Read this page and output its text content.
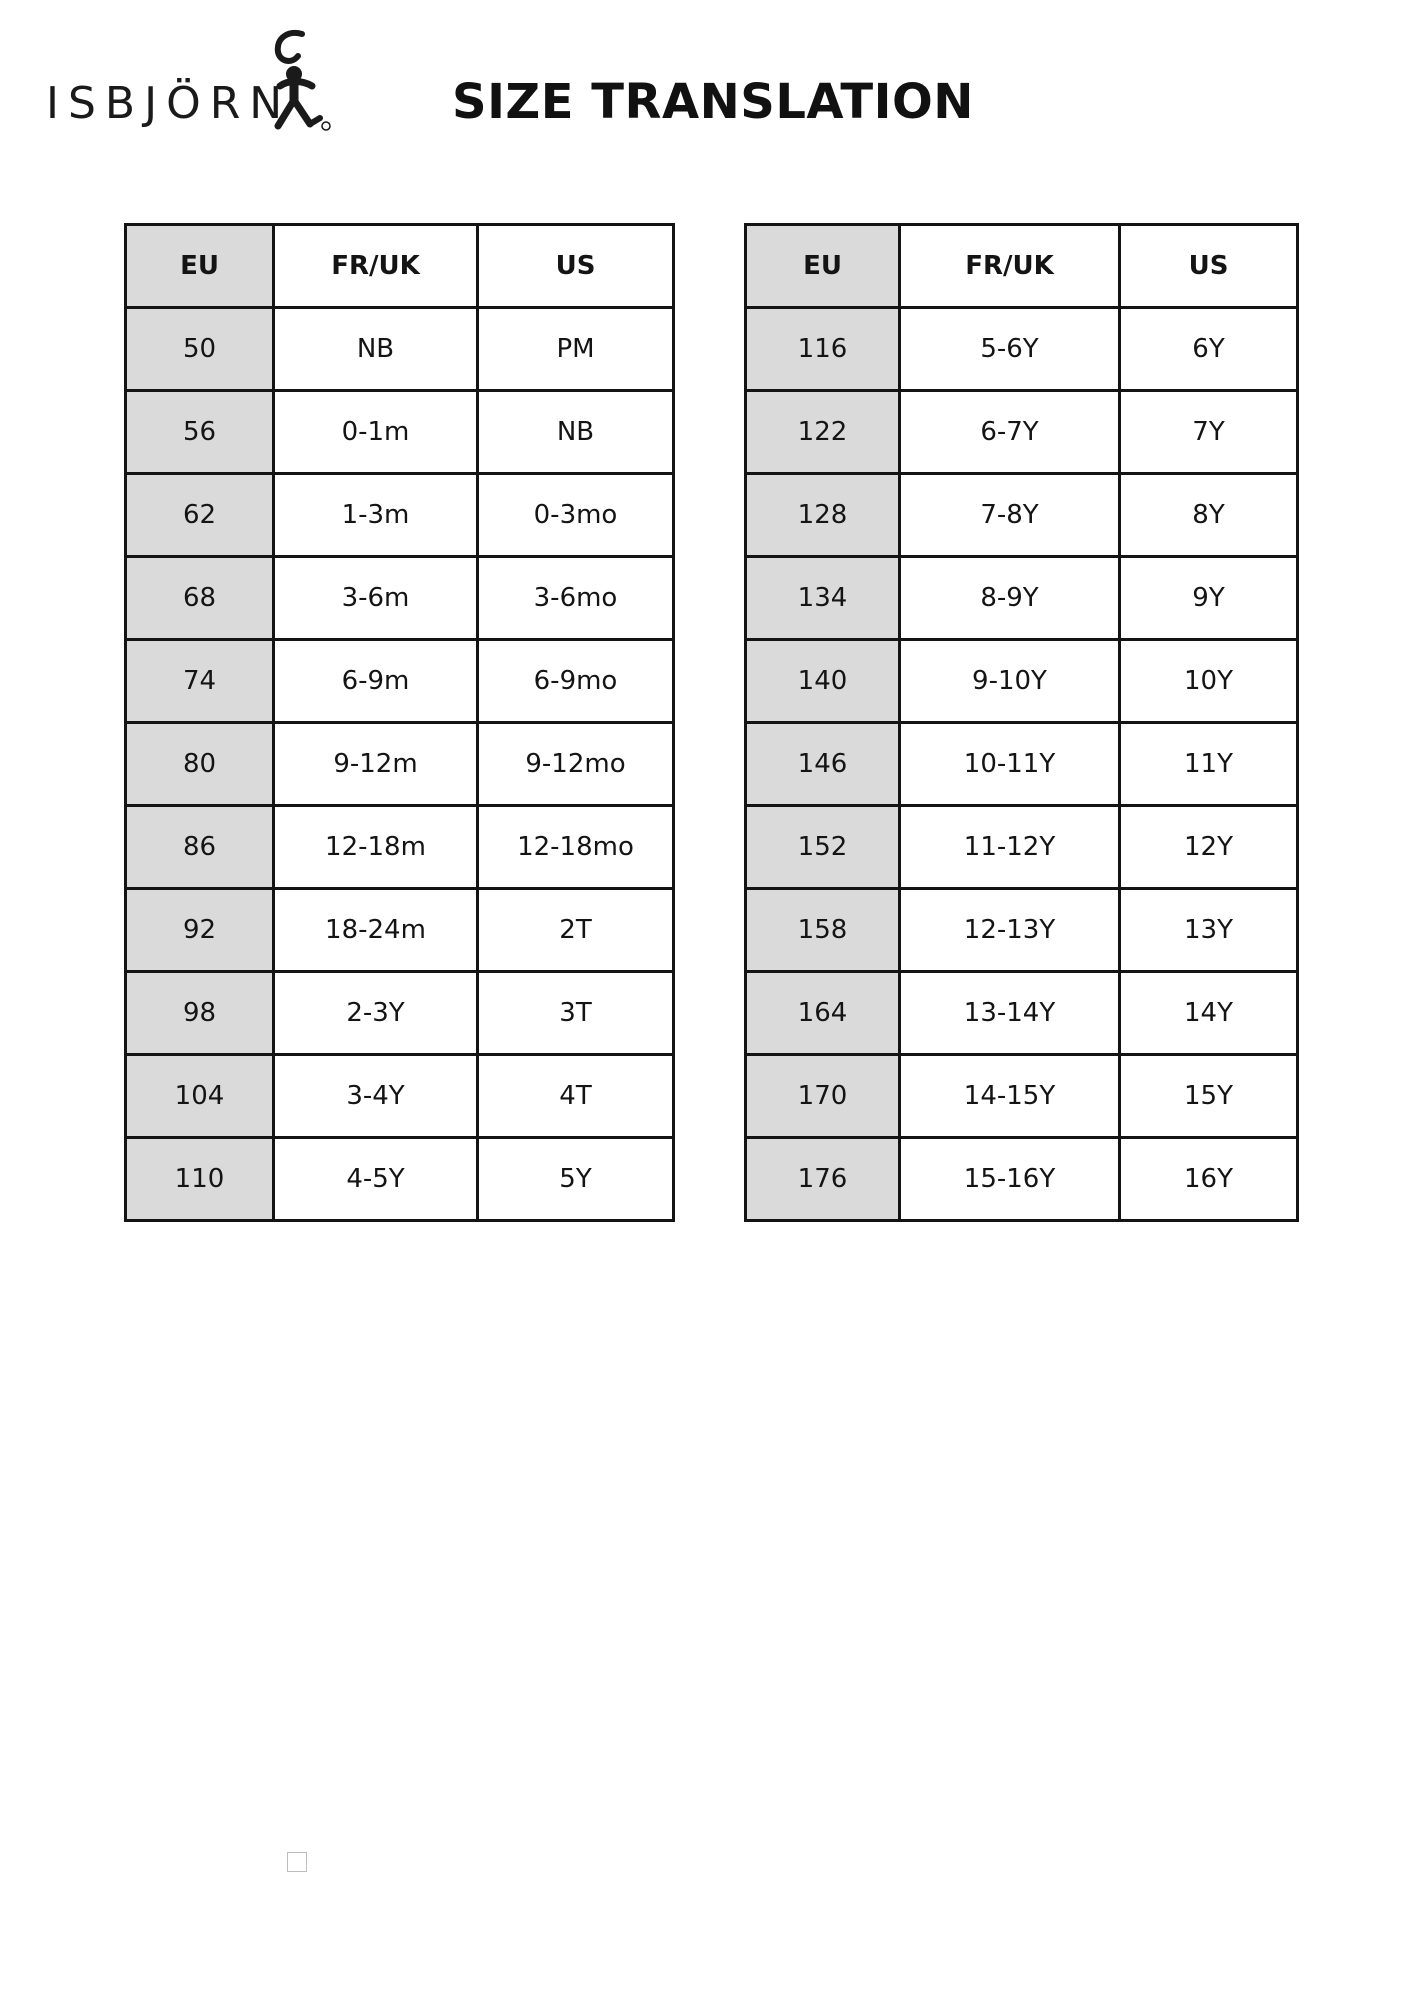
ISBJÖRN	SIZE TRANSLATION
EU	FR/UK	US
50	NB	PM
56	0-1m	NB
62	1-3m	0-3mo
68	3-6m	3-6mo
74	6-9m	6-9mo
80	9-12m	9-12mo
86	12-18m	12-18mo
92	18-24m	2T
98	2-3Y	3T
104	3-4Y	4T
110	4-5Y	5Y
EU	FR/UK	US
116	5-6Y	6Y
122	6-7Y	7Y
128	7-8Y	8Y
134	8-9Y	9Y
140	9-10Y	10Y
146	10-11Y	11Y
152	11-12Y	12Y
158	12-13Y	13Y
164	13-14Y	14Y
170	14-15Y	15Y
176	15-16Y	16Y
